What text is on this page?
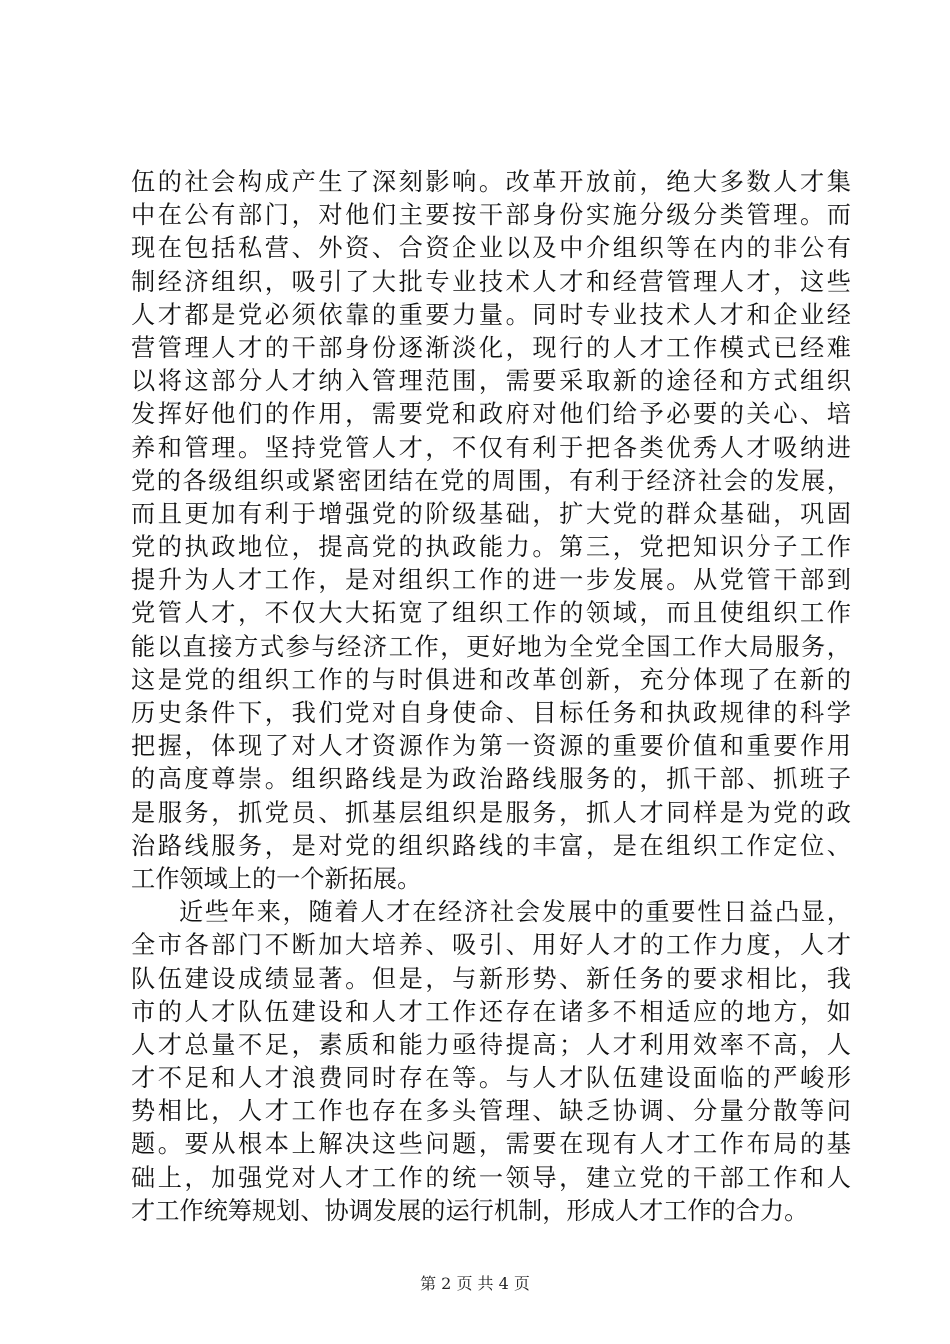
伍的社会构成产生了深刻影响。改革开放前，绝大多数人才集
中在公有部门，对他们主要按干部身份实施分级分类管理。而
现在包括私营、外资、合资企业以及中介组织等在内的非公有
制经济组织，吸引了大批专业技术人才和经营管理人才，这些
人才都是党必须依靠的重要力量。同时专业技术人才和企业经
营管理人才的干部身份逐渐淡化，现行的人才工作模式已经难
以将这部分人才纳入管理范围，需要采取新的途径和方式组织
发挥好他们的作用，需要党和政府对他们给予必要的关心、培
养和管理。坚持党管人才，不仅有利于把各类优秀人才吸纳进
党的各级组织或紧密团结在党的周围，有利于经济社会的发展，
而且更加有利于增强党的阶级基础，扩大党的群众基础，巩固
党的执政地位，提高党的执政能力。第三，党把知识分子工作
提升为人才工作，是对组织工作的进一步发展。从党管干部到
党管人才，不仅大大拓宽了组织工作的领域，而且使组织工作
能以直接方式参与经济工作，更好地为全党全国工作大局服务，
这是党的组织工作的与时俱进和改革创新，充分体现了在新的
历史条件下，我们党对自身使命、目标任务和执政规律的科学
把握，体现了对人才资源作为第一资源的重要价值和重要作用
的高度尊崇。组织路线是为政治路线服务的，抓干部、抓班子
是服务，抓党员、抓基层组织是服务，抓人才同样是为党的政
治路线服务，是对党的组织路线的丰富，是在组织工作定位、
工作领域上的一个新拓展。
近些年来，随着人才在经济社会发展中的重要性日益凸显，
全市各部门不断加大培养、吸引、用好人才的工作力度，人才
队伍建设成绩显著。但是，与新形势、新任务的要求相比，我
市的人才队伍建设和人才工作还存在诸多不相适应的地方，如
人才总量不足，素质和能力亟待提高；人才利用效率不高，人
才不足和人才浪费同时存在等。与人才队伍建设面临的严峻形
势相比，人才工作也存在多头管理、缺乏协调、分量分散等问
题。要从根本上解决这些问题，需要在现有人才工作布局的基
础上，加强党对人才工作的统一领导，建立党的干部工作和人
才工作统筹规划、协调发展的运行机制，形成人才工作的合力。
第 2 页 共 4 页
